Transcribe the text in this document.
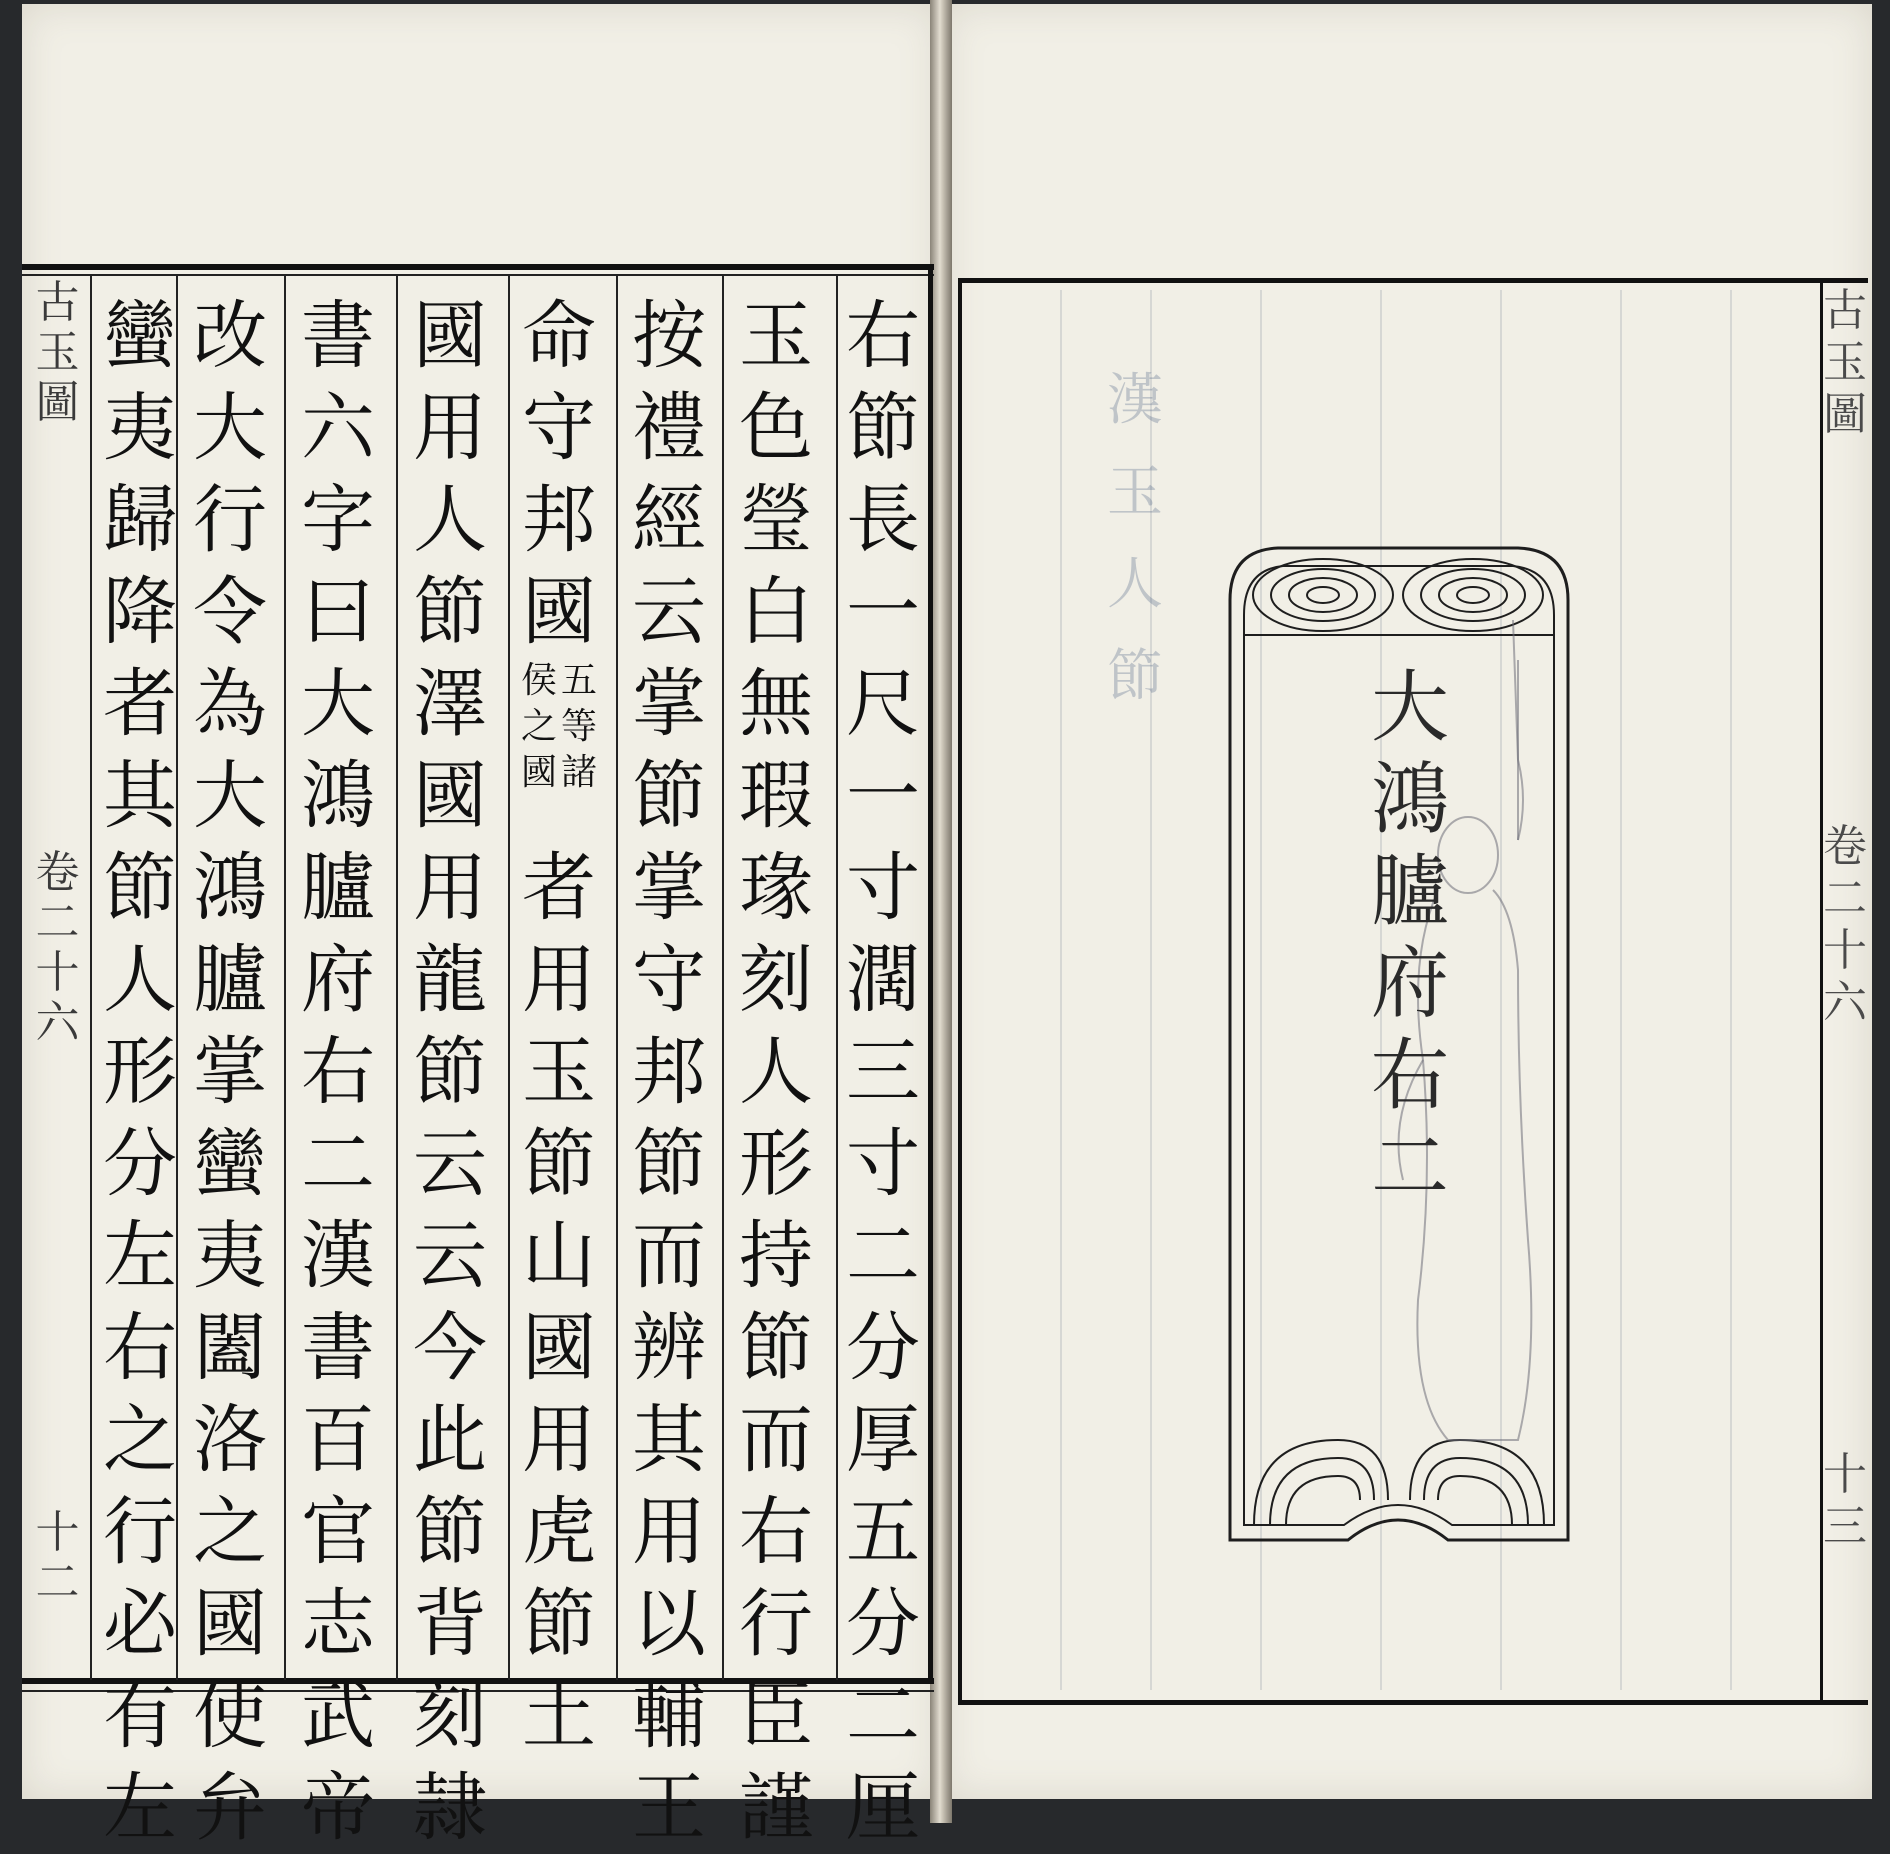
古
玉
圖
卷
二
十
六
十
二
右
節
長
一
尺
一
寸
濶
三
寸
二
分
厚
五
分
二
厘
玉
色
瑩
白
無
瑕
瑑
刻
人
形
持
節
而
右
行
臣
謹
按
禮
經
云
掌
節
掌
守
邦
節
而
辨
其
用
以
輔
王
命
守
邦
國
五
等
諸
侯
之
國
者
用
玉
節
山
國
用
虎
節
土
國
用
人
節
澤
國
用
龍
節
云
云
今
此
節
背
刻
隷
書
六
字
曰
大
鴻
臚
府
右
二
漢
書
百
官
志
武
帝
改
大
行
令
為
大
鴻
臚
掌
蠻
夷
闔
洛
之
國
使
弁
蠻
夷
歸
降
者
其
節
人
形
分
左
右
之
行
必
有
左
漢
玉
人
節	大
鴻
臚
府
右
二
古
玉
圖
卷
二
十
六
十
三
